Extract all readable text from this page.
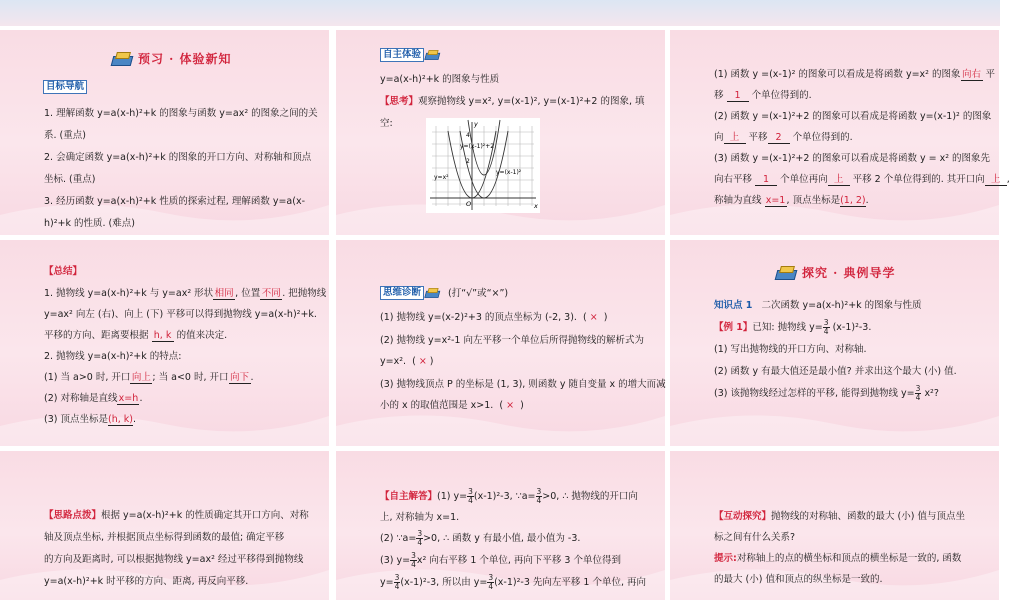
预习 · 体验新知
目标导航
1. 理解函数 y=a(x-h)²+k 的图象与函数 y=ax² 的图象之间的关
系. (重点)
2. 会确定函数 y=a(x-h)²+k 的图象的开口方向、对称轴和顶点
坐标. (重点)
3. 经历函数 y=a(x-h)²+k 性质的探索过程, 理解函数 y=a(x-
h)²+k 的性质. (难点)
自主体验
y=a(x-h)²+k 的图象与性质
【思考】观察抛物线 y=x², y=(x-1)², y=(x-1)²+2 的图象, 填
空:	y
x
O
4
2
y=(x-1)²+2
y=x²
y=(x-1)²
(1) 函数 y =(x-1)² 的图象可以看成是将函数 y=x² 的图象向右 平
移 1 个单位得到的.
(2) 函数 y =(x-1)²+2 的图象可以看成是将函数 y=(x-1)² 的图象
向 上 平移 2 个单位得到的.
(3) 函数 y =(x-1)²+2 的图象可以看成是将函数 y = x² 的图象先
向右平移 1 个单位再向 上 平移 2 个单位得到的. 其开口向 上 ,
称轴为直线 x=1, 顶点坐标是(1, 2).
【总结】
1. 抛物线 y=a(x-h)²+k 与 y=ax² 形状相同 , 位置不同 . 把抛物线
y=ax² 向左 (右)、向上 (下) 平移可以得到抛物线 y=a(x-h)²+k.
平移的方向、距离要根据 h, k 的值来决定.
2. 抛物线 y=a(x-h)²+k 的特点:
(1) 当 a>0 时, 开口向上 ; 当 a<0 时, 开口向下 .
(2) 对称轴是直线x=h.
(3) 顶点坐标是(h, k).
思维诊断	(打“√”或“×”)
(1) 抛物线 y=(x-2)²+3 的顶点坐标为 (-2, 3).  ( ×  )
(2) 抛物线 y=x²-1 向左平移一个单位后所得抛物线的解析式为
y=x².  ( × )
(3) 抛物线顶点 P 的坐标是 (1, 3), 则函数 y 随自变量 x 的增大而减
小的 x 的取值范围是 x>1.  ( ×  )
探究 · 典例导学
知识点 1 二次函数 y=a(x-h)²+k 的图象与性质
【例 1】已知: 抛物线 $y= \frac{3}{4} (x-1)^2-3$.
(1) 写出抛物线的开口方向、对称轴.
(2) 函数 y 有最大值还是最小值? 并求出这个最大 (小) 值.
(3) 该抛物线经过怎样的平移, 能得到抛物线 $y= \frac{3}{4} x^2$?
【思路点拨】根据 y=a(x-h)²+k 的性质确定其开口方向、对称
轴及顶点坐标, 并根据顶点坐标得到函数的最值; 确定平移
的方向及距离时, 可以根据抛物线 y=ax² 经过平移得到抛物线
y=a(x-h)²+k 时平移的方向、距离, 再反向平移.
【自主解答】(1) $y= \frac{3}{4} (x-1)^2-3$, ∵a= $\frac{3}{4} >0$, ∴ 抛物线的开口向
上, 对称轴为 x=1.
(2) ∵a= $\frac{3}{4} >0$, ∴ 函数 y 有最小值, 最小值为 -3.
(3) $y= \frac{3}{4} x^2$ 向右平移 1 个单位, 再向下平移 3 个单位得到
$y= \frac{3}{4} (x-1)^2-3$, 所以由 $y= \frac{3}{4} (x-1)^2-3$ 先向左平移 1 个单位, 再向
【互动探究】抛物线的对称轴、函数的最大 (小) 值与顶点坐
标之间有什么关系?
提示:对称轴上的点的横坐标和顶点的横坐标是一致的, 函数
的最大 (小) 值和顶点的纵坐标是一致的.
